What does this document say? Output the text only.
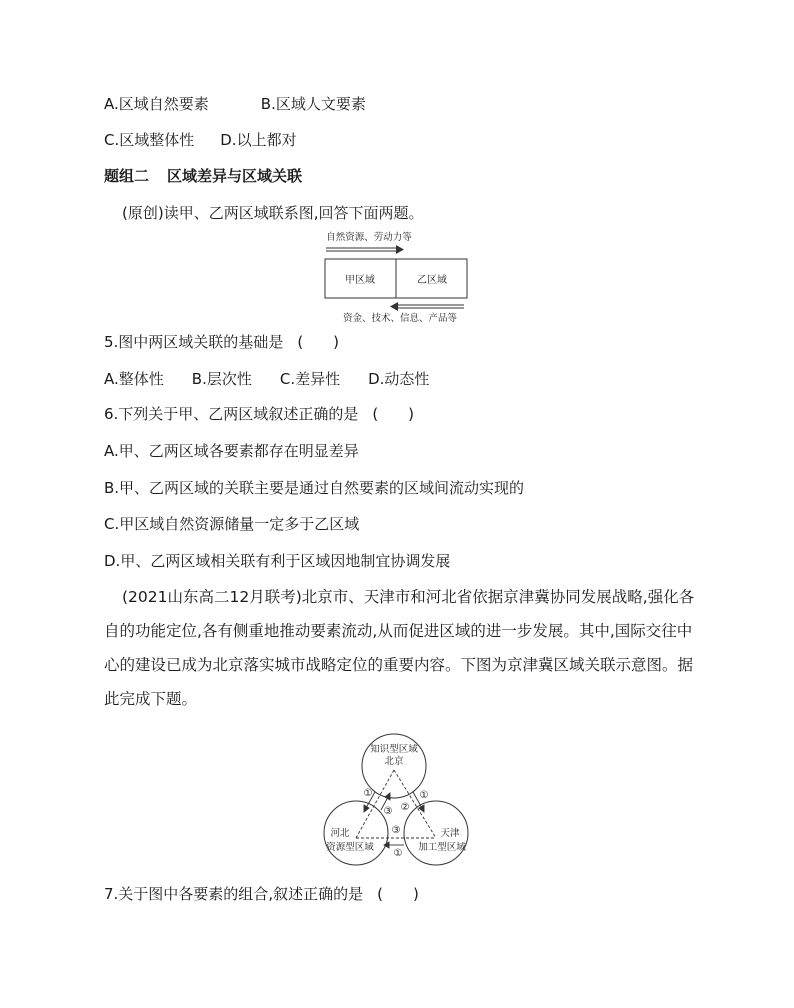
A.区域自然要素	B.区域人文要素
C.区域整体性 D.以上都对
题组二 区域差异与区域关联
(原创)读甲、乙两区域联系图,回答下面两题。
自然资源、劳动力等
甲区域	乙区域
资金、技术、信息、产品等
5.图中两区域关联的基础是 (　　)
A.整体性 B.层次性 C.差异性 D.动态性
6.下列关于甲、乙两区域叙述正确的是 (　　)
A.甲、乙两区域各要素都存在明显差异
B.甲、乙两区域的关联主要是通过自然要素的区域间流动实现的
C.甲区域自然资源储量一定多于乙区域
D.甲、乙两区域相关联有利于区域因地制宜协调发展
(2021山东高二12月联考)北京市、天津市和河北省依据京津冀协同发展战略,强化各自的功能定位,各有侧重地推动要素流动,从而促进区域的进一步发展。其中,国际交往中心的建设已成为北京落实城市战略定位的重要内容。下图为京津冀区域关联示意图。据此完成下题。
知识型区域
北京
河北
资源型区域
天津
加工型区域
①
③ ②
①
③
①
7.关于图中各要素的组合,叙述正确的是 (　　)
